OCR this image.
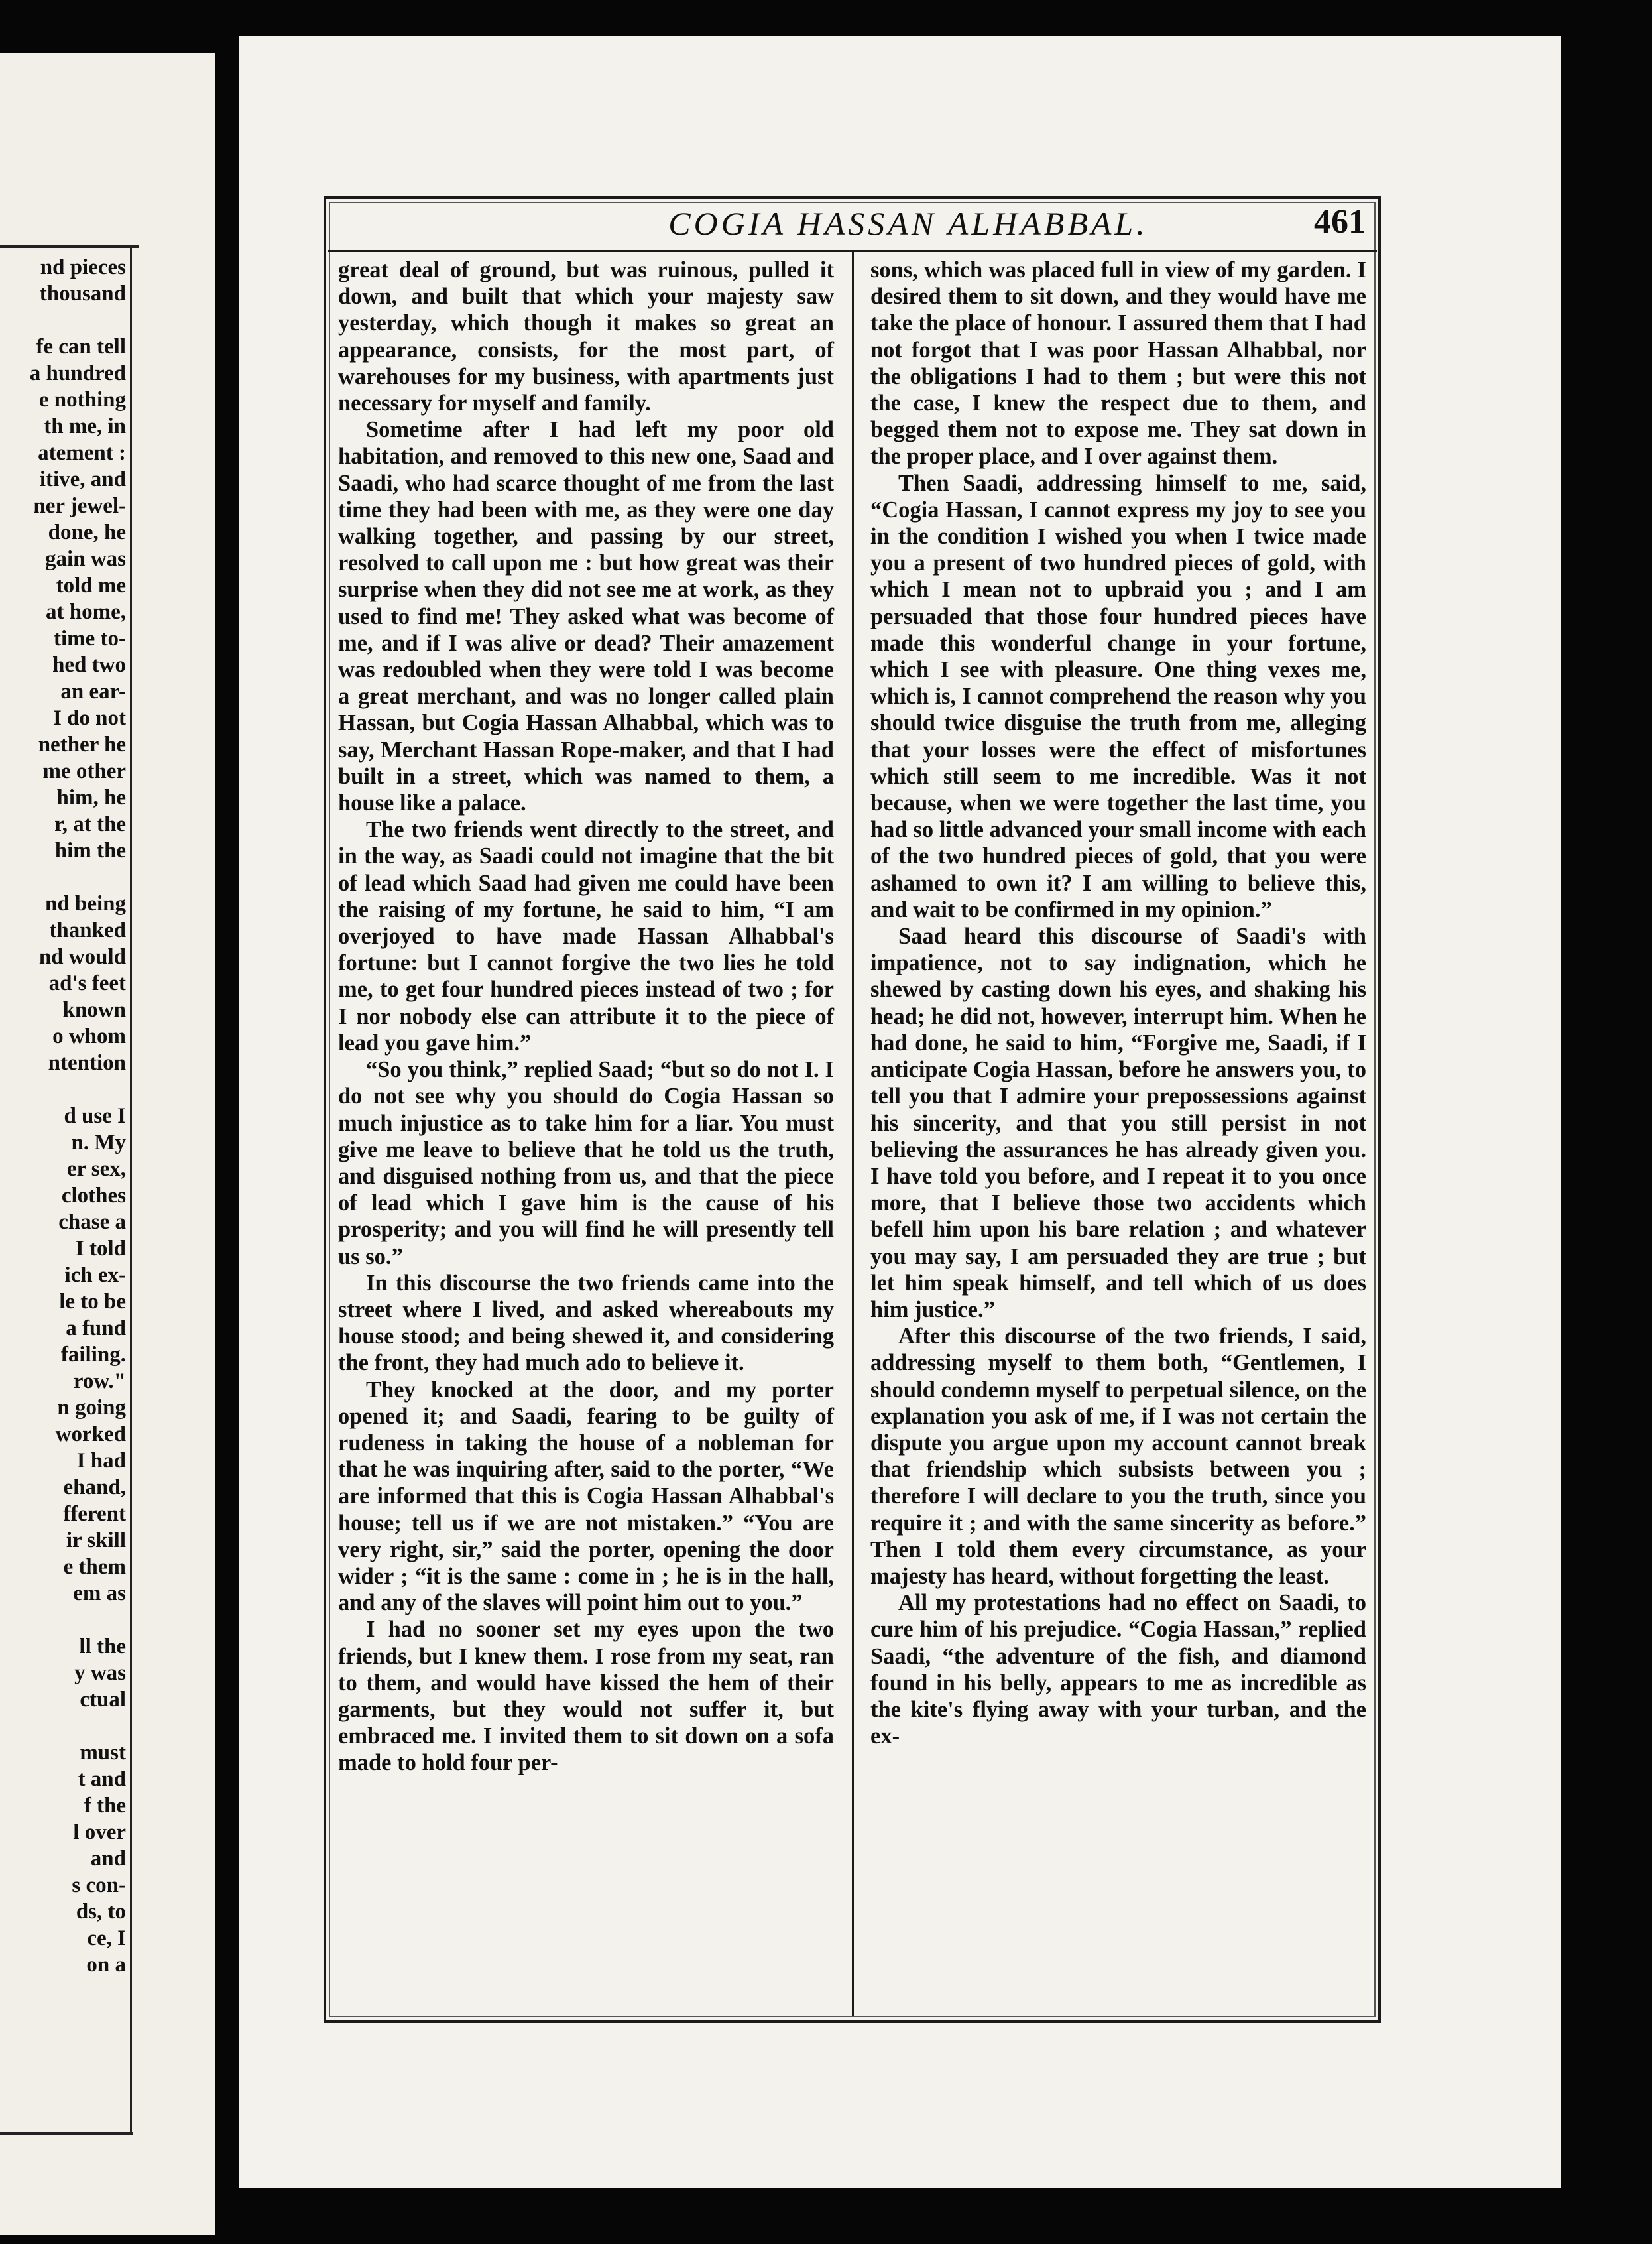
nd pieces
thousand
fe can tell
a hundred
e nothing
th me, in
atement :
itive, and
ner jewel-
done, he
gain was
told me
at home,
time to-
hed two
an ear-
I do not
nether he
me other
him, he
r, at the
him the
nd being
thanked
nd would
ad's feet
known
o whom
ntention
d use I
n. My
er sex,
clothes
chase a
I told
ich ex-
le to be
a fund
failing.
row."
n going
worked
I had
ehand,
fferent
ir skill
e them
em as
ll the
y was
ctual
must
t and
f the
l over
and
s con-
ds, to
ce, I
on a
COGIA HASSAN ALHABBAL.	461

great deal of ground, but was ruinous, pulled it down, and built that which your majesty saw yesterday, which though it makes so great an appearance, consists, for the most part, of warehouses for my business, with apartments just necessary for myself and family.

Sometime after I had left my poor old habitation, and removed to this new one, Saad and Saadi, who had scarce thought of me from the last time they had been with me, as they were one day walking together, and passing by our street, resolved to call upon me : but how great was their surprise when they did not see me at work, as they used to find me! They asked what was become of me, and if I was alive or dead? Their amazement was redoubled when they were told I was become a great merchant, and was no longer called plain Hassan, but Cogia Hassan Alhabbal, which was to say, Merchant Hassan Rope-maker, and that I had built in a street, which was named to them, a house like a palace.

The two friends went directly to the street, and in the way, as Saadi could not imagine that the bit of lead which Saad had given me could have been the raising of my fortune, he said to him, “I am overjoyed to have made Hassan Alhabbal's fortune: but I cannot forgive the two lies he told me, to get four hundred pieces instead of two ; for I nor nobody else can attribute it to the piece of lead you gave him.”

“So you think,” replied Saad; “but so do not I. I do not see why you should do Cogia Hassan so much injustice as to take him for a liar. You must give me leave to believe that he told us the truth, and disguised nothing from us, and that the piece of lead which I gave him is the cause of his prosperity; and you will find he will presently tell us so.”

In this discourse the two friends came into the street where I lived, and asked whereabouts my house stood; and being shewed it, and considering the front, they had much ado to believe it.

They knocked at the door, and my porter opened it; and Saadi, fearing to be guilty of rudeness in taking the house of a nobleman for that he was inquiring after, said to the porter, “We are informed that this is Cogia Hassan Alhabbal's house; tell us if we are not mistaken.” “You are very right, sir,” said the porter, opening the door wider ; “it is the same : come in ; he is in the hall, and any of the slaves will point him out to you.”

I had no sooner set my eyes upon the two friends, but I knew them. I rose from my seat, ran to them, and would have kissed the hem of their garments, but they would not suffer it, but embraced me. I invited them to sit down on a sofa made to hold four per-

sons, which was placed full in view of my garden. I desired them to sit down, and they would have me take the place of honour. I assured them that I had not forgot that I was poor Hassan Alhabbal, nor the obligations I had to them ; but were this not the case, I knew the respect due to them, and begged them not to expose me. They sat down in the proper place, and I over against them.

Then Saadi, addressing himself to me, said, “Cogia Hassan, I cannot express my joy to see you in the condition I wished you when I twice made you a present of two hundred pieces of gold, with which I mean not to upbraid you ; and I am persuaded that those four hundred pieces have made this wonderful change in your fortune, which I see with pleasure. One thing vexes me, which is, I cannot comprehend the reason why you should twice disguise the truth from me, alleging that your losses were the effect of misfortunes which still seem to me incredible. Was it not because, when we were together the last time, you had so little advanced your small income with each of the two hundred pieces of gold, that you were ashamed to own it? I am willing to believe this, and wait to be confirmed in my opinion.”

Saad heard this discourse of Saadi's with impatience, not to say indignation, which he shewed by casting down his eyes, and shaking his head; he did not, however, interrupt him. When he had done, he said to him, “Forgive me, Saadi, if I anticipate Cogia Hassan, before he answers you, to tell you that I admire your prepossessions against his sincerity, and that you still persist in not believing the assurances he has already given you. I have told you before, and I repeat it to you once more, that I believe those two accidents which befell him upon his bare relation ; and whatever you may say, I am persuaded they are true ; but let him speak himself, and tell which of us does him justice.”

After this discourse of the two friends, I said, addressing myself to them both, “Gentlemen, I should condemn myself to perpetual silence, on the explanation you ask of me, if I was not certain the dispute you argue upon my account cannot break that friendship which subsists between you ; therefore I will declare to you the truth, since you require it ; and with the same sincerity as before.” Then I told them every circumstance, as your majesty has heard, without forgetting the least.

All my protestations had no effect on Saadi, to cure him of his prejudice. “Cogia Hassan,” replied Saadi, “the adventure of the fish, and diamond found in his belly, appears to me as incredible as the kite's flying away with your turban, and the ex-
